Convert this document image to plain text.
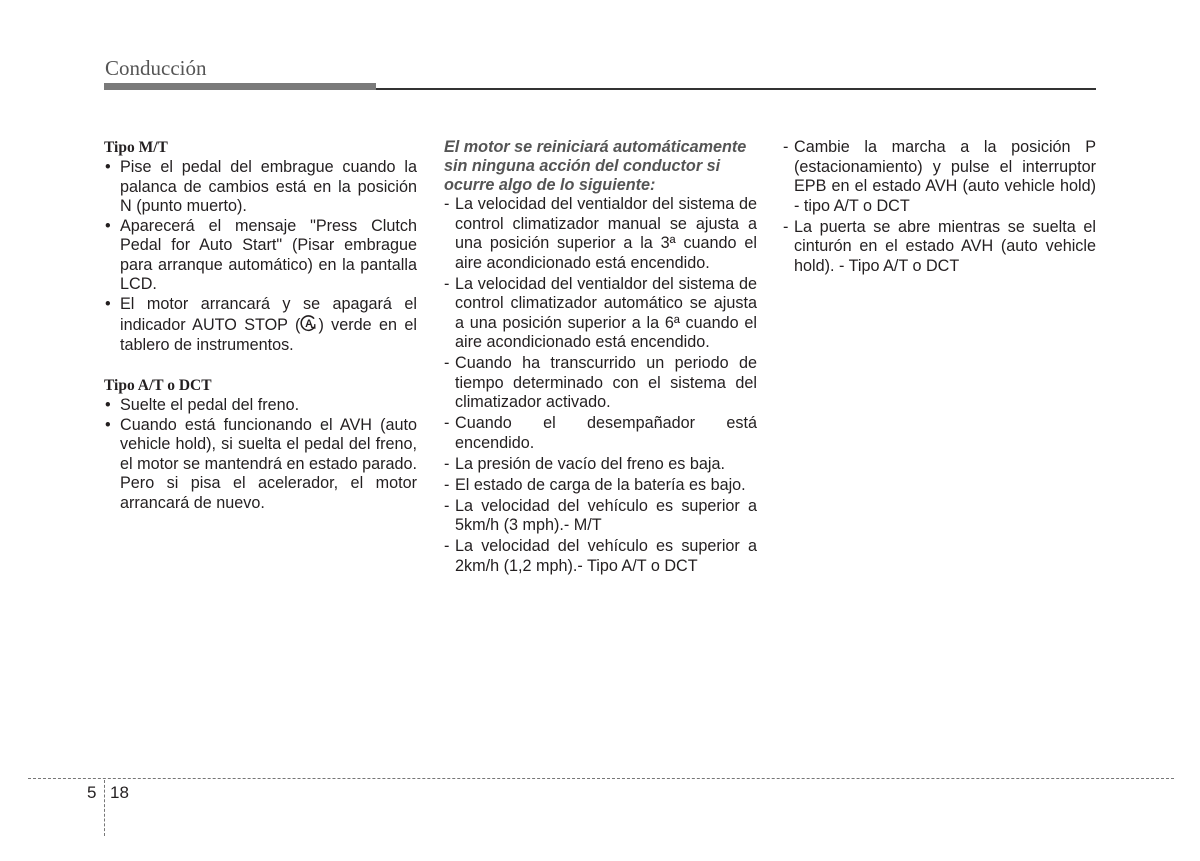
Conducción

Tipo M/T

• Pise el pedal del embrague cuando la palanca de cambios está en la posición N (punto muerto).
• Aparecerá el mensaje "Press Clutch Pedal for Auto Start" (Pisar embrague para arranque automático) en la pantalla LCD.
• El motor arrancará y se apagará el indicador AUTO STOP ( A ) verde en el tablero de instrumentos.

Tipo A/T o DCT

• Suelte el pedal del freno.
• Cuando está funcionando el AVH (auto vehicle hold), si suelta el pedal del freno, el motor se mantendrá en estado parado. Pero si pisa el acelerador, el motor arrancará de nuevo.

El motor se reiniciará automáticamente sin ninguna acción del conductor si ocurre algo de lo siguiente:

- La velocidad del ventialdor del sistema de control climatizador manual se ajusta a una posición superior a la 3ª cuando el aire acondicionado está encendido.
- La velocidad del ventialdor del sistema de control climatizador automático se ajusta a una posición superior a la 6ª cuando el aire acondicionado está encendido.
- Cuando ha transcurrido un periodo de tiempo determinado con el sistema del climatizador activado.
- Cuando el desempañador está encendido.
- La presión de vacío del freno es baja.
- El estado de carga de la batería es bajo.
- La velocidad del vehículo es superior a 5km/h (3 mph).- M/T
- La velocidad del vehículo es superior a 2km/h (1,2 mph).- Tipo A/T o DCT
- Cambie la marcha a la posición P (estacionamiento) y pulse el interruptor EPB en el estado AVH (auto vehicle hold) - tipo A/T o DCT
- La puerta se abre mientras se suelta el cinturón en el estado AVH (auto vehicle hold). - Tipo A/T o DCT
5 18
